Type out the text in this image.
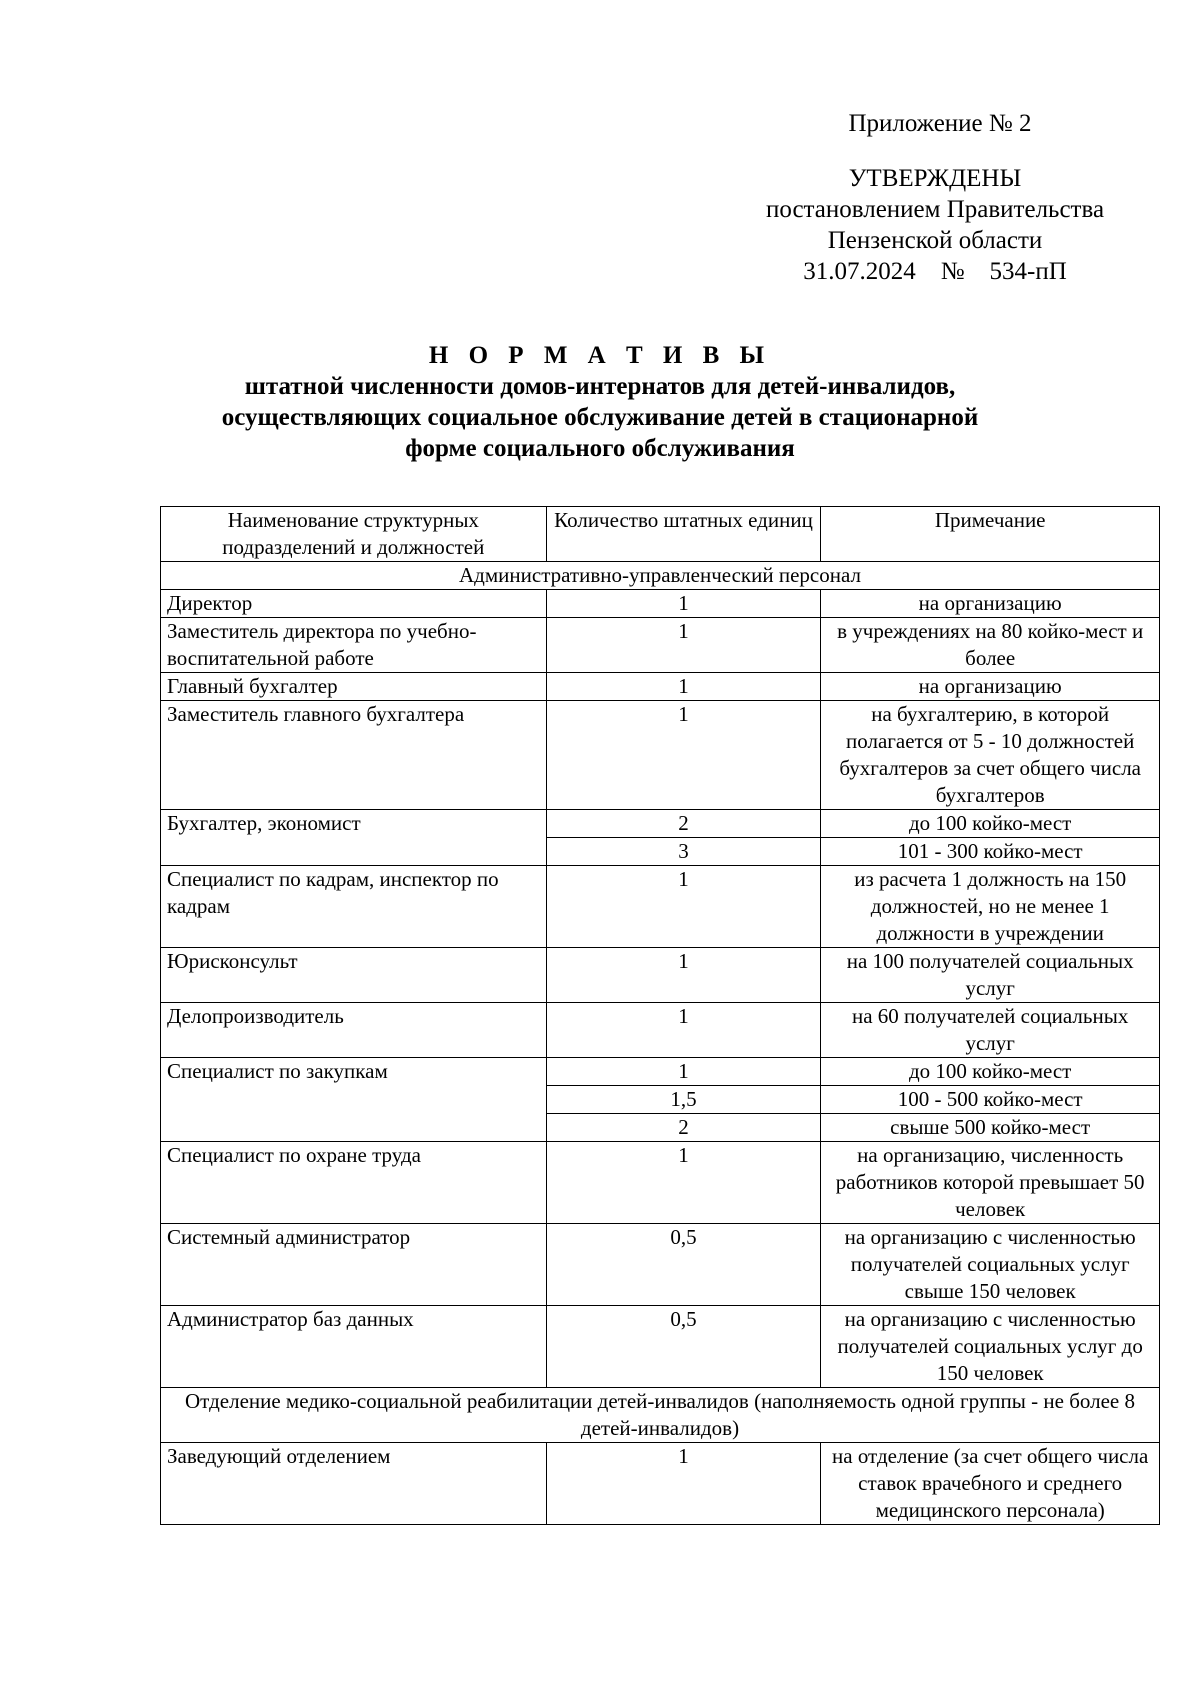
Приложение № 2
УТВЕРЖДЕНЫ
постановлением Правительства
Пензенской области
31.07.2024    №    534-пП
Н О Р М А Т И В Ы
штатной численности домов-интернатов для детей-инвалидов,
осуществляющих социальное обслуживание детей в стационарной
форме социального обслуживания
Наименование структурных подразделений и должностей	Количество штатных единиц	Примечание
Административно-управленческий персонал		
Директор	1	на организацию
Заместитель директора по учебно-воспитательной работе	1	в учреждениях на 80 койко-мест и более
Главный бухгалтер	1	на организацию
Заместитель главного бухгалтера	1	на бухгалтерию, в которой полагается от 5 - 10 должностей бухгалтеров за счет общего числа бухгалтеров
Бухгалтер, экономист	2	до 100 койко-мест
	3	101 - 300 койко-мест
Специалист по кадрам, инспектор по кадрам	1	из расчета 1 должность на 150 должностей, но не менее 1 должности в учреждении
Юрисконсульт	1	на 100 получателей социальных услуг
Делопроизводитель	1	на 60 получателей социальных услуг
Специалист по закупкам	1	до 100 койко-мест
	1,5	100 - 500 койко-мест
	2	свыше 500 койко-мест
Специалист по охране труда	1	на организацию, численность работников которой превышает 50 человек
Системный администратор	0,5	на организацию с численностью получателей социальных услуг свыше 150 человек
Администратор баз данных	0,5	на организацию с численностью получателей социальных услуг до 150 человек
Отделение медико-социальной реабилитации детей-инвалидов (наполняемость одной группы - не более 8 детей-инвалидов)		
Заведующий отделением	1	на отделение (за счет общего числа ставок врачебного и среднего медицинского персонала)
